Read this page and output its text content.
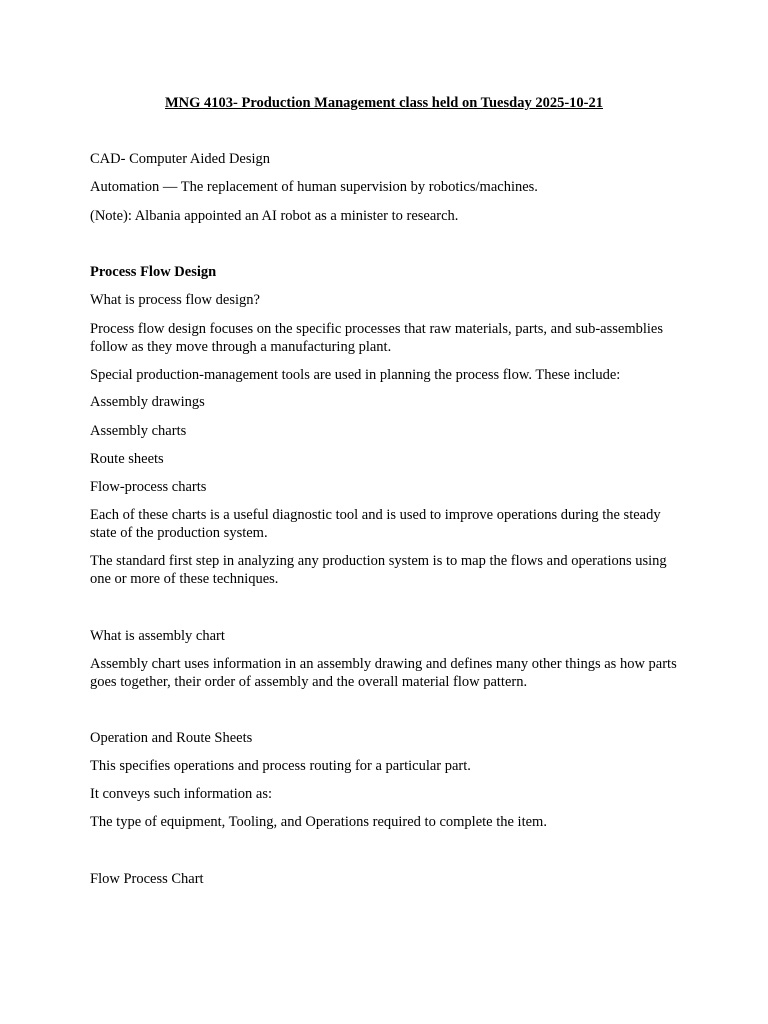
MNG 4103- Production Management class held on Tuesday 2025-10-21
CAD- Computer Aided Design
Automation — The replacement of human supervision by robotics/machines.
(Note): Albania appointed an AI robot as a minister to research.
Process Flow Design
What is process flow design?
Process flow design focuses on the specific processes that raw materials, parts, and sub-assemblies follow as they move through a manufacturing plant.
Special production-management tools are used in planning the process flow. These include:
Assembly drawings
Assembly charts
Route sheets
Flow-process charts
Each of these charts is a useful diagnostic tool and is used to improve operations during the steady state of the production system.
The standard first step in analyzing any production system is to map the flows and operations using one or more of these techniques.
What is assembly chart
Assembly chart uses information in an assembly drawing and defines many other things as how parts goes together, their order of assembly and the overall material flow pattern.
Operation and Route Sheets
This specifies operations and process routing for a particular part.
It conveys such information as:
The type of equipment, Tooling, and Operations required to complete the item.
Flow Process Chart
